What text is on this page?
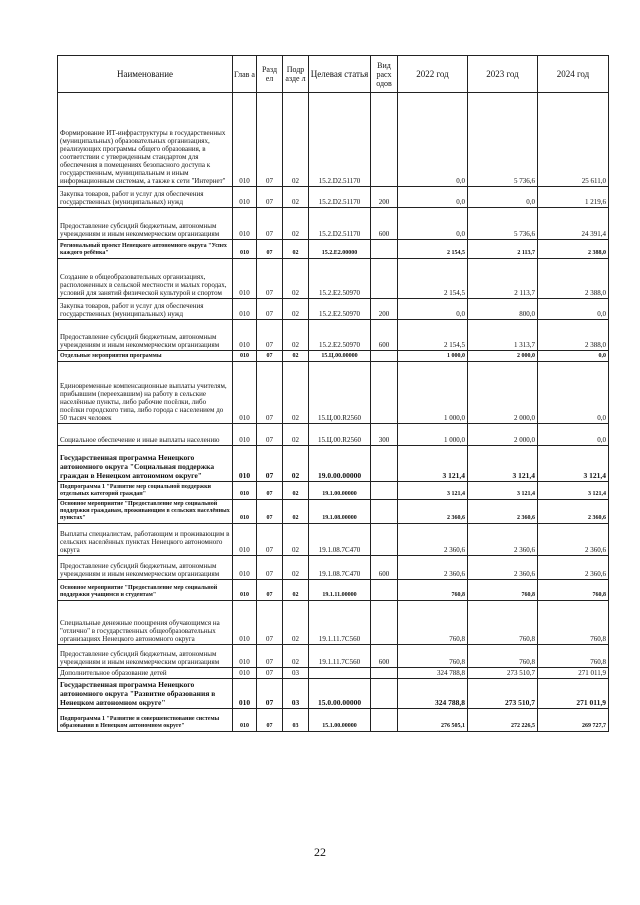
Наименование	Глав а	Разд ел	Подр азде л	Целевая статья	Вид расх одов	2022 год	2023 год	2024 год
Формирование ИТ-инфраструктуры в государственных (муниципальных) образовательных организациях, реализующих программы общего образования, в соответствии с утвержденным стандартом для обеспечения в помещениях безопасного доступа к государственным, муниципальным и иным информационным системам, а также к сети "Интернет"	010	07	02	15.2.D2.51170		0,0	5 736,6	25 611,0
Закупка товаров, работ и услуг для обеспечения государственных (муниципальных) нужд	010	07	02	15.2.D2.51170	200	0,0	0,0	1 219,6
Предоставление субсидий бюджетным, автономным учреждениям и иным некоммерческим организациям	010	07	02	15.2.D2.51170	600	0,0	5 736,6	24 391,4
Региональный проект Ненецкого автономного округа "Успех каждого ребёнка"	010	07	02	15.2.E2.00000		2 154,5	2 113,7	2 388,0
Создание в общеобразовательных организациях, расположенных в сельской местности и малых городах, условий для занятий физической культурой и спортом	010	07	02	15.2.E2.50970		2 154,5	2 113,7	2 388,0
Закупка товаров, работ и услуг для обеспечения государственных (муниципальных) нужд	010	07	02	15.2.E2.50970	200	0,0	800,0	0,0
Предоставление субсидий бюджетным, автономным учреждениям и иным некоммерческим организациям	010	07	02	15.2.E2.50970	600	2 154,5	1 313,7	2 388,0
Отдельные мероприятия программы	010	07	02	15.Ц.00.00000		1 000,0	2 000,0	0,0
Единовременные компенсационные выплаты учителям, прибывшим (переехавшим) на работу в сельские населённые пункты, либо рабочие посёлки, либо посёлки городского типа, либо города с населением до 50 тысяч человек	010	07	02	15.Ц.00.R2560		1 000,0	2 000,0	0,0
Социальное обеспечение и иные выплаты населению	010	07	02	15.Ц.00.R2560	300	1 000,0	2 000,0	0,0
Государственная программа Ненецкого автономного округа "Социальная поддержка граждан в Ненецком автономном округе"	010	07	02	19.0.00.00000		3 121,4	3 121,4	3 121,4
Подпрограмма 1 "Развитие мер социальной поддержки отдельных категорий граждан"	010	07	02	19.1.00.00000		3 121,4	3 121,4	3 121,4
Основное мероприятие "Предоставление мер социальной поддержки гражданам, проживающим в сельских населённых пунктах"	010	07	02	19.1.08.00000		2 360,6	2 360,6	2 360,6
Выплаты специалистам, работающим и проживающим в сельских населённых пунктах Ненецкого автономного округа	010	07	02	19.1.08.7C470		2 360,6	2 360,6	2 360,6
Предоставление субсидий бюджетным, автономным учреждениям и иным некоммерческим организациям	010	07	02	19.1.08.7C470	600	2 360,6	2 360,6	2 360,6
Основное мероприятие "Предоставление мер социальной поддержки учащимся и студентам"	010	07	02	19.1.11.00000		760,8	760,8	760,8
Специальные денежные поощрения обучающимся на "отлично" в государственных общеобразовательных организациях Ненецкого автономного округа	010	07	02	19.1.11.7C560		760,8	760,8	760,8
Предоставление субсидий бюджетным, автономным учреждениям и иным некоммерческим организациям	010	07	02	19.1.11.7C560	600	760,8	760,8	760,8
Дополнительное образование детей	010	07	03			324 788,8	273 510,7	271 011,9
Государственная программа Ненецкого автономного округа "Развитие образования в Ненецком автономном округе"	010	07	03	15.0.00.00000		324 788,8	273 510,7	271 011,9
Подпрограмма 1 "Развитие и совершенствование системы образования в Ненецком автономном округе"	010	07	03	15.1.00.00000		276 505,1	272 226,5	269 727,7
22
